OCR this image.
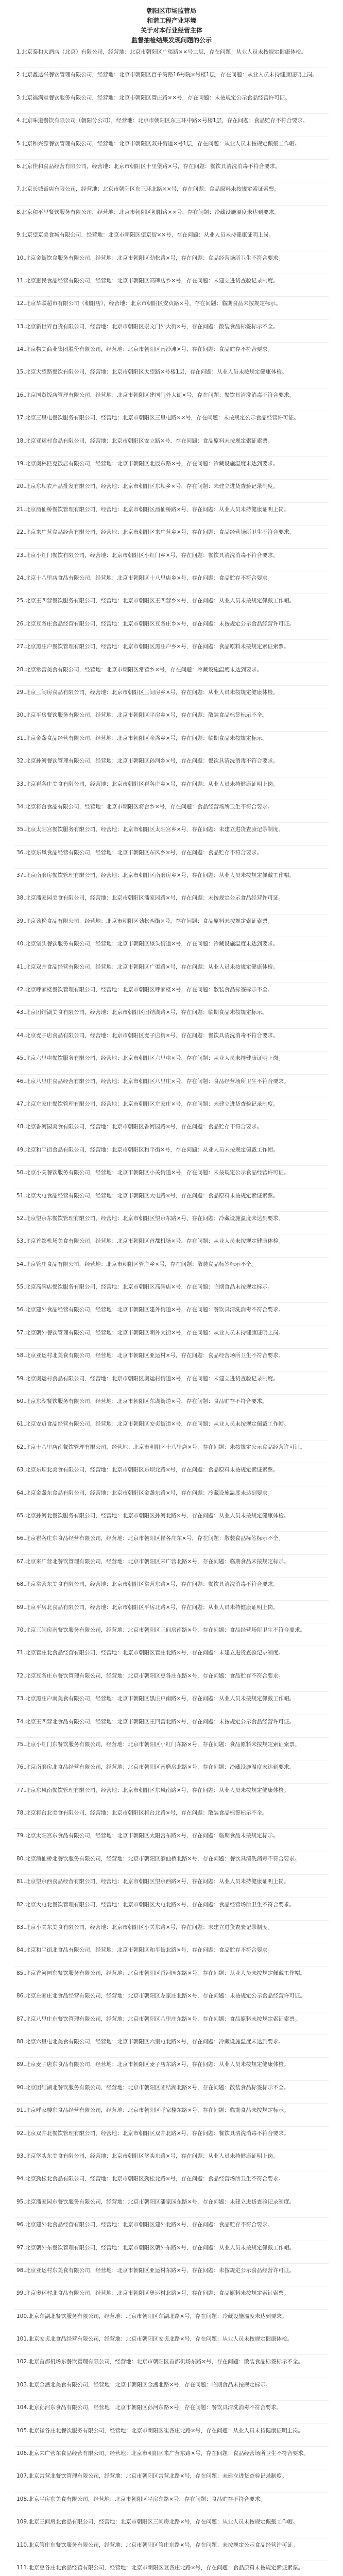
朝阳区市场监管局
和谐工程产业环境
关于对本行业经营主体
监督抽检结果发现问题的公示
1.北京泰和大酒店（北京）有限公司，经营地：北京市朝阳区广渠路××号二层，存在问题：从业人员未按规定健康体检。
2.北京鑫达兴餐饮管理有限公司，经营地：北京市朝阳区百子湾路16号院×号楼1层，存在问题：从业人员未持健康证明上岗。
3.北京福满堂餐饮服务有限公司，经营地：北京市朝阳区管庄路××号，存在问题：未按规定公示食品经营许可证。
4.北京味道餐饮有限公司（朝阳分公司），经营地：北京市朝阳区东三环中路×号楼1层，存在问题：食品贮存不符合要求。
5.北京和兴源餐饮管理有限公司，经营地：北京市朝阳区双井街道×号1层，存在问题：从业人员未按规定佩戴工作帽。
6.北京佳和食品经营有限公司，经营地：北京市朝阳区十里堡路×号，存在问题：餐饮具清洗消毒不符合要求。
7.北京长城饭店有限公司，经营地：北京市朝阳区东三环北路××号，存在问题：食品原料未按规定索证索票。
8.北京和平里餐饮服务有限公司，经营地：北京市朝阳区朝阳路××号，存在问题：冷藏设施温度未达到要求。
9.北京望京美食城有限公司，经营地：北京市朝阳区望京街××号，存在问题：从业人员未持健康证明上岗。
10.北京金街饮食服务有限公司，经营地：北京市朝阳区劲松路×号，存在问题：食品经营场所卫生不符合要求。
11.北京惠民食品经营有限公司，经营地：北京市朝阳区高碑店乡×号，存在问题：未建立进货查验记录制度。
12.北京华联超市有限公司（朝阳店），经营地：北京市朝阳区安贞路×号，存在问题：临期食品未按规定标示。
13.北京新世界百货有限公司，经营地：北京市朝阳区崇文门外大街×号，存在问题：散装食品标签标示不全。
14.北京物美商业集团股份有限公司，经营地：北京市朝阳区南沙滩×号，存在问题：食品贮存不符合要求。
15.北京大望路餐饮有限公司，经营地：北京市朝阳区大望路×号楼1层，存在问题：从业人员未按规定健康体检。
16.北京国贸饭店管理有限公司，经营地：北京市朝阳区建国门外大街×号，存在问题：餐饮具清洗消毒不符合要求。
17.北京三里屯餐饮服务有限公司，经营地：北京市朝阳区三里屯路××号，存在问题：未按规定公示食品经营许可证。
18.北京亚运村食品有限公司，经营地：北京市朝阳区安立路×号，存在问题：食品原料未按规定索证索票。
19.北京奥林匹克饭店有限公司，经营地：北京市朝阳区北辰东路×号，存在问题：冷藏设施温度未达到要求。
20.北京东坝农产品批发有限公司，经营地：北京市朝阳区东坝乡×号，存在问题：未建立进货查验记录制度。
21.北京酒仙桥餐饮管理有限公司，经营地：北京市朝阳区酒仙桥路×号，存在问题：从业人员未持健康证明上岗。
22.北京来广营食品经营有限公司，经营地：北京市朝阳区来广营乡×号，存在问题：食品经营场所卫生不符合要求。
23.北京小红门餐饮有限公司，经营地：北京市朝阳区小红门乡×号，存在问题：餐饮具清洗消毒不符合要求。
24.北京十八里店食品有限公司，经营地：北京市朝阳区十八里店乡×号，存在问题：食品贮存不符合要求。
25.北京王四营餐饮服务有限公司，经营地：北京市朝阳区王四营乡×号，存在问题：从业人员未按规定佩戴工作帽。
26.北京豆各庄食品经营有限公司，经营地：北京市朝阳区豆各庄乡×号，存在问题：未按规定公示食品经营许可证。
27.北京黑庄户餐饮管理有限公司，经营地：北京市朝阳区黑庄户乡×号，存在问题：食品原料未按规定索证索票。
28.北京常营美食有限公司，经营地：北京市朝阳区常营乡×号，存在问题：冷藏设施温度未达到要求。
29.北京三间房食品有限公司，经营地：北京市朝阳区三间房乡×号，存在问题：从业人员未按规定健康体检。
30.北京平房餐饮服务有限公司，经营地：北京市朝阳区平房乡×号，存在问题：散装食品标签标示不全。
31.北京金盏食品经营有限公司，经营地：北京市朝阳区金盏乡×号，存在问题：临期食品未按规定标示。
32.北京孙河餐饮管理有限公司，经营地：北京市朝阳区孙河乡×号，存在问题：餐饮具清洗消毒不符合要求。
33.北京崔各庄美食有限公司，经营地：北京市朝阳区崔各庄乡×号，存在问题：从业人员未持健康证明上岗。
34.北京将台食品有限公司，经营地：北京市朝阳区将台乡×号，存在问题：食品经营场所卫生不符合要求。
35.北京太阳宫餐饮服务有限公司，经营地：北京市朝阳区太阳宫乡×号，存在问题：未建立进货查验记录制度。
36.北京东风食品经营有限公司，经营地：北京市朝阳区东风乡×号，存在问题：食品贮存不符合要求。
37.北京南磨房餐饮管理有限公司，经营地：北京市朝阳区南磨房乡×号，存在问题：从业人员未按规定佩戴工作帽。
38.北京潘家园美食有限公司，经营地：北京市朝阳区潘家园路×号，存在问题：未按规定公示食品经营许可证。
39.北京劲松食品有限公司，经营地：北京市朝阳区劲松西街×号，存在问题：食品原料未按规定索证索票。
40.北京垡头餐饮服务有限公司，经营地：北京市朝阳区垡头街道×号，存在问题：冷藏设施温度未达到要求。
41.北京双井食品经营有限公司，经营地：北京市朝阳区广渠路×号，存在问题：从业人员未按规定健康体检。
42.北京呼家楼餐饮管理有限公司，经营地：北京市朝阳区呼家楼×号，存在问题：散装食品标签标示不全。
43.北京团结湖美食有限公司，经营地：北京市朝阳区团结湖路×号，存在问题：临期食品未按规定标示。
44.北京麦子店食品有限公司，经营地：北京市朝阳区麦子店街×号，存在问题：餐饮具清洗消毒不符合要求。
45.北京六里屯餐饮服务有限公司，经营地：北京市朝阳区六里屯×号，存在问题：从业人员未持健康证明上岗。
46.北京八里庄食品经营有限公司，经营地：北京市朝阳区八里庄×号，存在问题：食品经营场所卫生不符合要求。
47.北京左家庄餐饮管理有限公司，经营地：北京市朝阳区左家庄×号，存在问题：未建立进货查验记录制度。
48.北京香河园美食有限公司，经营地：北京市朝阳区香河园路×号，存在问题：食品贮存不符合要求。
49.北京和平街食品有限公司，经营地：北京市朝阳区和平街×号，存在问题：从业人员未按规定佩戴工作帽。
50.北京小关餐饮服务有限公司，经营地：北京市朝阳区小关街道×号，存在问题：未按规定公示食品经营许可证。
51.北京大屯食品经营有限公司，经营地：北京市朝阳区大屯路×号，存在问题：食品原料未按规定索证索票。
52.北京望京东餐饮管理有限公司，经营地：北京市朝阳区望京东路×号，存在问题：冷藏设施温度未达到要求。
53.北京首都机场美食有限公司，经营地：北京市朝阳区首都机场×号，存在问题：从业人员未按规定健康体检。
54.北京管庄食品有限公司，经营地：北京市朝阳区管庄乡×号，存在问题：散装食品标签标示不全。
55.北京高碑店餐饮服务有限公司，经营地：北京市朝阳区高碑店×号，存在问题：临期食品未按规定标示。
56.北京建外食品经营有限公司，经营地：北京市朝阳区建外街道×号，存在问题：餐饮具清洗消毒不符合要求。
57.北京朝外餐饮管理有限公司，经营地：北京市朝阳区朝外大街×号，存在问题：从业人员未持健康证明上岗。
58.北京亚运村北美食有限公司，经营地：北京市朝阳区亚运村×号，存在问题：食品经营场所卫生不符合要求。
59.北京奥运村食品有限公司，经营地：北京市朝阳区奥运村街道×号，存在问题：未建立进货查验记录制度。
60.北京东湖餐饮服务有限公司，经营地：北京市朝阳区东湖街道×号，存在问题：食品贮存不符合要求。
61.北京安贞食品经营有限公司，经营地：北京市朝阳区安贞街道×号，存在问题：从业人员未按规定佩戴工作帽。
62.北京十八里店南餐饮管理有限公司，经营地：北京市朝阳区十八里店×号，存在问题：未按规定公示食品经营许可证。
63.北京东坝北美食有限公司，经营地：北京市朝阳区东坝北路×号，存在问题：食品原料未按规定索证索票。
64.北京金盏东食品有限公司，经营地：北京市朝阳区金盏东路×号，存在问题：冷藏设施温度未达到要求。
65.北京孙河北餐饮服务有限公司，经营地：北京市朝阳区孙河北路×号，存在问题：从业人员未按规定健康体检。
66.北京崔各庄东食品经营有限公司，经营地：北京市朝阳区崔各庄东×号，存在问题：散装食品标签标示不全。
67.北京来广营北餐饮管理有限公司，经营地：北京市朝阳区来广营北路×号，存在问题：临期食品未按规定标示。
68.北京常营东美食有限公司，经营地：北京市朝阳区常营东路×号，存在问题：餐饮具清洗消毒不符合要求。
69.北京平房北食品有限公司，经营地：北京市朝阳区平房北路×号，存在问题：从业人员未持健康证明上岗。
70.北京三间房南餐饮服务有限公司，经营地：北京市朝阳区三间房南路×号，存在问题：食品经营场所卫生不符合要求。
71.北京管庄北食品经营有限公司，经营地：北京市朝阳区管庄北路×号，存在问题：未建立进货查验记录制度。
72.北京豆各庄东餐饮管理有限公司，经营地：北京市朝阳区豆各庄东路×号，存在问题：食品贮存不符合要求。
73.北京黑庄户南美食有限公司，经营地：北京市朝阳区黑庄户南路×号，存在问题：从业人员未按规定佩戴工作帽。
74.北京王四营北食品有限公司，经营地：北京市朝阳区王四营北路×号，存在问题：未按规定公示食品经营许可证。
75.北京小红门东餐饮服务有限公司，经营地：北京市朝阳区小红门东路×号，存在问题：食品原料未按规定索证索票。
76.北京南磨房北食品经营有限公司，经营地：北京市朝阳区南磨房北路×号，存在问题：冷藏设施温度未达到要求。
77.北京东风南餐饮管理有限公司，经营地：北京市朝阳区东风南路×号，存在问题：从业人员未按规定健康体检。
78.北京将台北美食有限公司，经营地：北京市朝阳区将台北路×号，存在问题：散装食品标签标示不全。
79.北京太阳宫东食品有限公司，经营地：北京市朝阳区太阳宫东路×号，存在问题：临期食品未按规定标示。
80.北京酒仙桥北餐饮服务有限公司，经营地：北京市朝阳区酒仙桥北路×号，存在问题：餐饮具清洗消毒不符合要求。
81.北京望京西食品经营有限公司，经营地：北京市朝阳区望京西路×号，存在问题：从业人员未持健康证明上岗。
82.北京大屯北餐饮管理有限公司，经营地：北京市朝阳区大屯北路×号，存在问题：食品经营场所卫生不符合要求。
83.北京小关东美食有限公司，经营地：北京市朝阳区小关东路×号，存在问题：未建立进货查验记录制度。
84.北京和平街北食品有限公司，经营地：北京市朝阳区和平街北路×号，存在问题：食品贮存不符合要求。
85.北京香河园东餐饮服务有限公司，经营地：北京市朝阳区香河园东路×号，存在问题：从业人员未按规定佩戴工作帽。
86.北京左家庄北食品经营有限公司，经营地：北京市朝阳区左家庄北路×号，存在问题：未按规定公示食品经营许可证。
87.北京八里庄东餐饮管理有限公司，经营地：北京市朝阳区八里庄东路×号，存在问题：食品原料未按规定索证索票。
88.北京六里屯北美食有限公司，经营地：北京市朝阳区六里屯北路×号，存在问题：冷藏设施温度未达到要求。
89.北京麦子店东食品有限公司，经营地：北京市朝阳区麦子店东路×号，存在问题：从业人员未按规定健康体检。
90.北京团结湖北餐饮服务有限公司，经营地：北京市朝阳区团结湖北路×号，存在问题：散装食品标签标示不全。
91.北京呼家楼东食品经营有限公司，经营地：北京市朝阳区呼家楼东路×号，存在问题：临期食品未按规定标示。
92.北京双井北餐饮管理有限公司，经营地：北京市朝阳区双井北路×号，存在问题：餐饮具清洗消毒不符合要求。
93.北京垡头东美食有限公司，经营地：北京市朝阳区垡头东路×号，存在问题：从业人员未持健康证明上岗。
94.北京劲松北食品有限公司，经营地：北京市朝阳区劲松北路×号，存在问题：食品经营场所卫生不符合要求。
95.北京潘家园东餐饮服务有限公司，经营地：北京市朝阳区潘家园东路×号，存在问题：未建立进货查验记录制度。
96.北京建外北食品经营有限公司，经营地：北京市朝阳区建外北路×号，存在问题：食品贮存不符合要求。
97.北京朝外东餐饮管理有限公司，经营地：北京市朝阳区朝外东路×号，存在问题：从业人员未按规定佩戴工作帽。
98.北京亚运村东美食有限公司，经营地：北京市朝阳区亚运村东路×号，存在问题：未按规定公示食品经营许可证。
99.北京奥运村北食品有限公司，经营地：北京市朝阳区奥运村北路×号，存在问题：食品原料未按规定索证索票。
100.北京东湖北餐饮服务有限公司，经营地：北京市朝阳区东湖北路×号，存在问题：冷藏设施温度未达到要求。
101.北京安贞北食品经营有限公司，经营地：北京市朝阳区安贞北路×号，存在问题：从业人员未按规定健康体检。
102.北京首都机场东餐饮管理有限公司，经营地：北京市朝阳区首都机场东路×号，存在问题：散装食品标签标示不全。
103.北京金盏北美食有限公司，经营地：北京市朝阳区金盏北路×号，存在问题：临期食品未按规定标示。
104.北京孙河东食品有限公司，经营地：北京市朝阳区孙河东路×号，存在问题：餐饮具清洗消毒不符合要求。
105.北京崔各庄北餐饮服务有限公司，经营地：北京市朝阳区崔各庄北路×号，存在问题：从业人员未持健康证明上岗。
106.北京来广营东食品经营有限公司，经营地：北京市朝阳区来广营东路×号，存在问题：食品经营场所卫生不符合要求。
107.北京常营北餐饮管理有限公司，经营地：北京市朝阳区常营北路×号，存在问题：未建立进货查验记录制度。
108.北京平房东美食有限公司，经营地：北京市朝阳区平房东路×号，存在问题：食品贮存不符合要求。
109.北京三间房北食品有限公司，经营地：北京市朝阳区三间房北路×号，存在问题：从业人员未按规定佩戴工作帽。
110.北京管庄东餐饮服务有限公司，经营地：北京市朝阳区管庄东路×号，存在问题：未按规定公示食品经营许可证。
111.北京豆各庄北食品经营有限公司，经营地：北京市朝阳区豆各庄北路×号，存在问题：食品原料未按规定索证索票。
